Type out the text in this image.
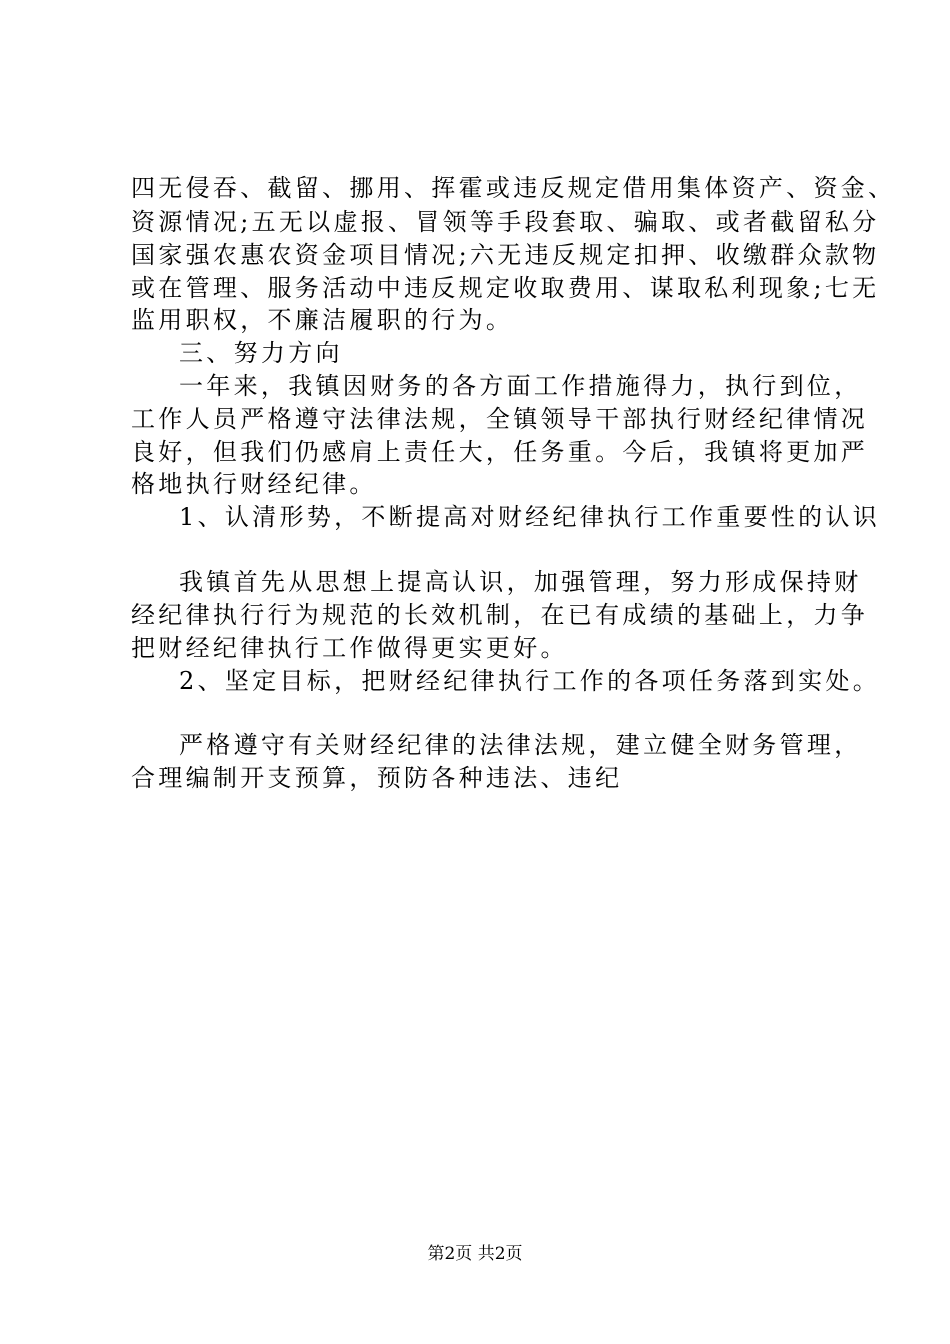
四无侵吞、截留、挪用、挥霍或违反规定借用集体资产、资金、
资源情况;五无以虚报、冒领等手段套取、骗取、或者截留私分
国家强农惠农资金项目情况;六无违反规定扣押、收缴群众款物
或在管理、服务活动中违反规定收取费用、谋取私利现象;七无
监用职权，不廉洁履职的行为。
三、努力方向
一年来，我镇因财务的各方面工作措施得力，执行到位，
工作人员严格遵守法律法规，全镇领导干部执行财经纪律情况
良好，但我们仍感肩上责任大，任务重。今后，我镇将更加严
格地执行财经纪律。
1、认清形势，不断提高对财经纪律执行工作重要性的认识
我镇首先从思想上提高认识，加强管理，努力形成保持财
经纪律执行行为规范的长效机制，在已有成绩的基础上，力争
把财经纪律执行工作做得更实更好。
2、坚定目标，把财经纪律执行工作的各项任务落到实处。
严格遵守有关财经纪律的法律法规，建立健全财务管理，
合理编制开支预算，预防各种违法、违纪
第2页 共2页
